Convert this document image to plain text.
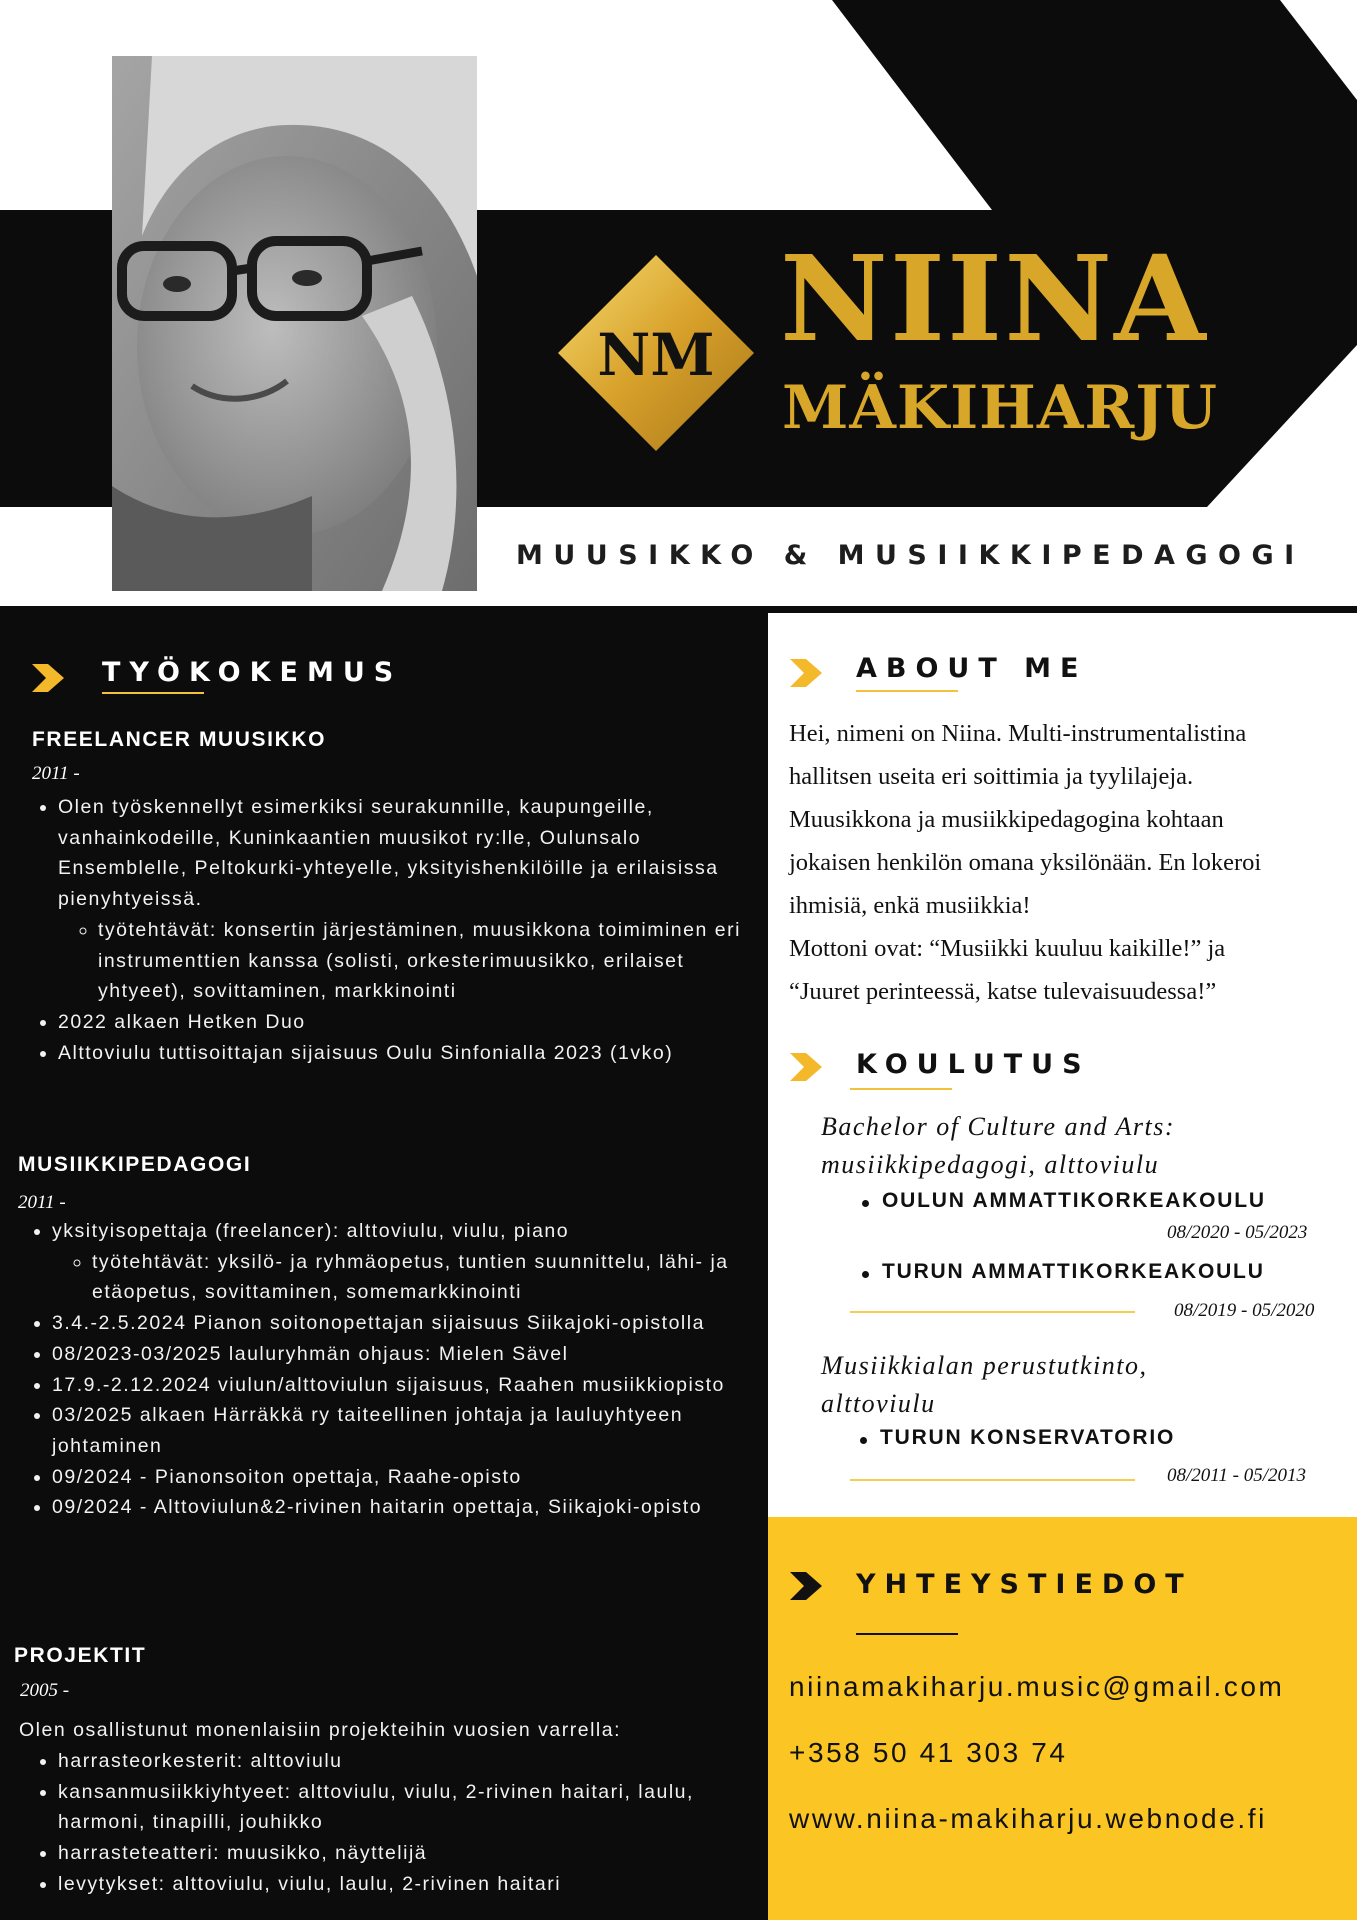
NM NIINA
MÄKIHARJU
MUUSIKKO & MUSIIKKIPEDAGOGI
TYÖKOKEMUS
FREELANCER MUUSIKKO
2011 -
• Olen työskennellyt esimerkiksi seurakunnille, kaupungeille, vanhainkodeille, Kuninkaantien muusikot ry:lle, Oulunsalo Ensemblelle, Peltokurki-yhteyelle, yksityishenkilöille ja erilaisissa pienyhtyeissä.
◦ työtehtävät: konsertin järjestäminen, muusikkona toimiminen eri instrumenttien kanssa (solisti, orkesterimuusikko, erilaiset yhtyeet), sovittaminen, markkinointi
• 2022 alkaen Hetken Duo
• Alttoviulu tuttisoittajan sijaisuus Oulu Sinfonialla 2023 (1vko)
MUSIIKKIPEDAGOGI
2011 -
• yksityisopettaja (freelancer): alttoviulu, viulu, piano
◦ työtehtävät: yksilö- ja ryhmäopetus, tuntien suunnittelu, lähi- ja etäopetus, sovittaminen, somemarkkinointi
• 3.4.-2.5.2024 Pianon soitonopettajan sijaisuus Siikajoki-opistolla
• 08/2023-03/2025 lauluryhmän ohjaus: Mielen Sävel
• 17.9.-2.12.2024 viulun/alttoviulun sijaisuus, Raahen musiikkiopisto
• 03/2025 alkaen Härräkkä ry taiteellinen johtaja ja lauluyhtyeen johtaminen
• 09/2024 - Pianonsoiton opettaja, Raahe-opisto
• 09/2024 - Alttoviulun&2-rivinen haitarin opettaja, Siikajoki-opisto
PROJEKTIT
2005 -
Olen osallistunut monenlaisiin projekteihin vuosien varrella:
• harrasteorkesterit: alttoviulu
• kansanmusiikkiyhtyeet: alttoviulu, viulu, 2-rivinen haitari, laulu, harmoni, tinapilli, jouhikko
• harrasteteatteri: muusikko, näyttelijä
• levytykset: alttoviulu, viulu, laulu, 2-rivinen haitari
ABOUT ME
Hei, nimeni on Niina. Multi-instrumentalistina
hallitsen useita eri soittimia ja tyylilajeja.
Muusikkona ja musiikkipedagogina kohtaan
jokaisen henkilön omana yksilönään. En lokeroi
ihmisiä, enkä musiikkia!
Mottoni ovat: “Musiikki kuuluu kaikille!” ja
“Juuret perinteessä, katse tulevaisuudessa!”
KOULUTUS
Bachelor of Culture and Arts:
musiikkipedagogi, alttoviulu
OULUN AMMATTIKORKEAKOULU
08/2020 - 05/2023
TURUN AMMATTIKORKEAKOULU
08/2019 - 05/2020
Musiikkialan perustutkinto,
alttoviulu
TURUN KONSERVATORIO
08/2011 - 05/2013
YHTEYSTIEDOT
niinamakiharju.music@gmail.com
+358 50 41 303 74
www.niina-makiharju.webnode.fi
